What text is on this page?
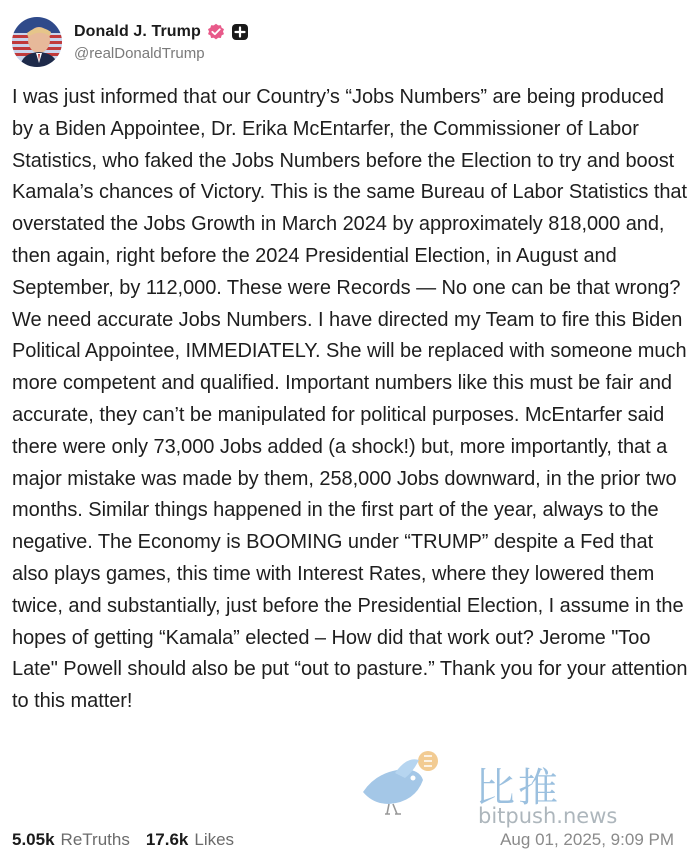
Donald J. Trump
@realDonaldTrump
I was just informed that our Country’s “Jobs Numbers” are being produced by a Biden Appointee, Dr. Erika McEntarfer, the Commissioner of Labor Statistics, who faked the Jobs Numbers before the Election to try and boost Kamala’s chances of Victory. This is the same Bureau of Labor Statistics that overstated the Jobs Growth in March 2024 by approximately 818,000 and, then again, right before the 2024 Presidential Election, in August and September, by 112,000. These were Records — No one can be that wrong? We need accurate Jobs Numbers. I have directed my Team to fire this Biden Political Appointee, IMMEDIATELY. She will be replaced with someone much more competent and qualified. Important numbers like this must be fair and accurate, they can’t be manipulated for political purposes. McEntarfer said there were only 73,000 Jobs added (a shock!) but, more importantly, that a major mistake was made by them, 258,000 Jobs downward, in the prior two months. Similar things happened in the first part of the year, always to the negative. The Economy is BOOMING under “TRUMP” despite a Fed that also plays games, this time with Interest Rates, where they lowered them twice, and substantially, just before the Presidential Election, I assume in the hopes of getting “Kamala” elected – How did that work out? Jerome "Too Late" Powell should also be put “out to pasture.” Thank you for your attention to this matter!
5.05k ReTruths 17.6k Likes	Aug 01, 2025, 9:09 PM
比推
bitpush.news
